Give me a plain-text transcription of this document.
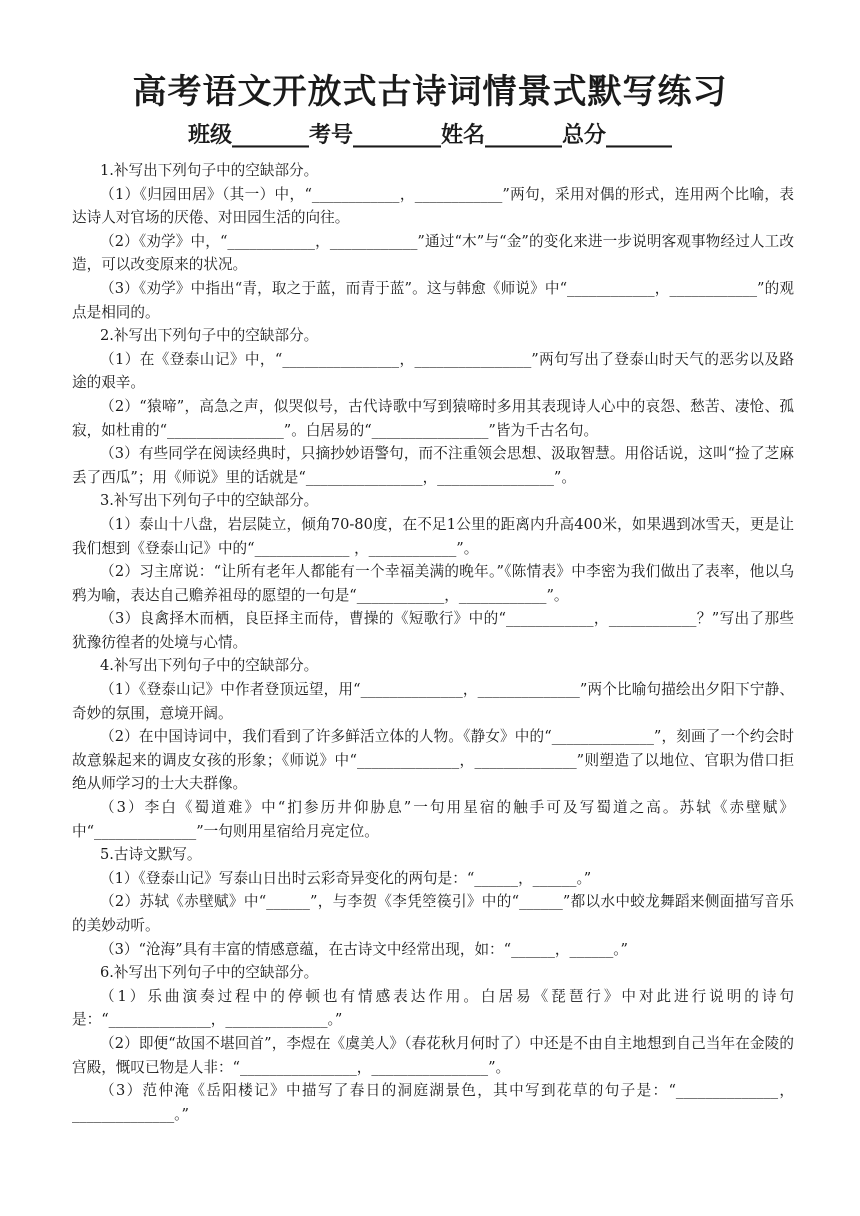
高考语文开放式古诗词情景式默写练习
班级_______考号________姓名_______总分______

1.补写出下列句子中的空缺部分。

（1）《归园田居》（其一）中，“____________，____________”两句，采用对偶的形式，连用两个比喻，表达诗人对官场的厌倦、对田园生活的向往。

（2）《劝学》中，“____________，____________”通过“木”与“金”的变化来进一步说明客观事物经过人工改造，可以改变原来的状况。

（3）《劝学》中指出“青，取之于蓝，而青于蓝”。这与韩愈《师说》中“____________，____________”的观点是相同的。

2.补写出下列句子中的空缺部分。

（1）在《登泰山记》中，“________________，________________”两句写出了登泰山时天气的恶劣以及路途的艰辛。

（2）“猿啼”，高急之声，似哭似号，古代诗歌中写到猿啼时多用其表现诗人心中的哀怨、愁苦、凄怆、孤寂，如杜甫的“________________”。白居易的“________________”皆为千古名句。

（3）有些同学在阅读经典时，只摘抄妙语警句，而不注重领会思想、汲取智慧。用俗话说，这叫“捡了芝麻丢了西瓜”；用《师说》里的话就是“________________，________________”。

3.补写出下列句子中的空缺部分。

（1）泰山十八盘，岩层陡立，倾角70-80度，在不足1公里的距离内升高400米，如果遇到冰雪天，更是让我们想到《登泰山记》中的“_____________ ，____________”。

（2）习主席说：“让所有老年人都能有一个幸福美满的晚年。”《陈情表》中李密为我们做出了表率，他以乌鸦为喻，表达自己赡养祖母的愿望的一句是“____________，____________”。

（3）良禽择木而栖，良臣择主而侍，曹操的《短歌行》中的“____________，____________？”写出了那些犹豫彷徨者的处境与心情。

4.补写出下列句子中的空缺部分。

（1）《登泰山记》中作者登顶远望，用“______________，______________”两个比喻句描绘出夕阳下宁静、奇妙的氛围，意境开阔。

（2）在中国诗词中，我们看到了许多鲜活立体的人物。《静女》中的“______________”，刻画了一个约会时故意躲起来的调皮女孩的形象；《师说》中“______________，______________”则塑造了以地位、官职为借口拒绝从师学习的士大夫群像。

（3）李白《蜀道难》中“扪参历井仰胁息”一句用星宿的触手可及写蜀道之高。苏轼《赤壁赋》中“______________”一句则用星宿给月亮定位。

5.古诗文默写。

（1）《登泰山记》写泰山日出时云彩奇异变化的两句是：“______，______。”

（2）苏轼《赤壁赋》中“______”，与李贺《李凭箜篌引》中的“______”都以水中蛟龙舞蹈来侧面描写音乐的美妙动听。

（3）“沧海”具有丰富的情感意蕴，在古诗文中经常出现，如：“______，______。”

6.补写出下列句子中的空缺部分。

（1）乐曲演奏过程中的停顿也有情感表达作用。白居易《琵琶行》中对此进行说明的诗句是：“______________，______________。”

（2）即便“故国不堪回首”，李煜在《虞美人》（春花秋月何时了）中还是不由自主地想到自己当年在金陵的宫殿，慨叹已物是人非：“________________，________________”。

（3）范仲淹《岳阳楼记》中描写了春日的洞庭湖景色，其中写到花草的句子是：“______________，______________。”
